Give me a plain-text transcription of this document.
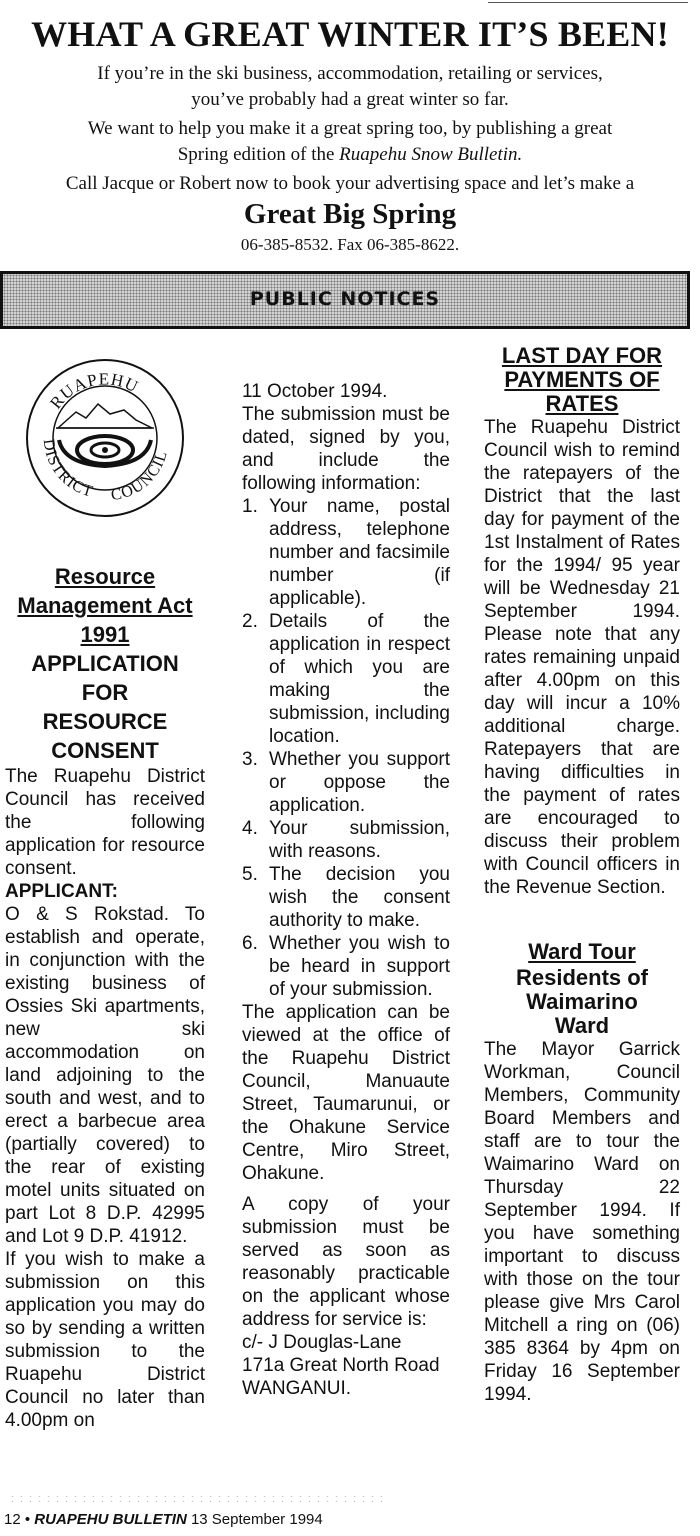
WHAT A GREAT WINTER IT’S BEEN!
If you’re in the ski business, accommodation, retailing or services,
you’ve probably had a great winter so far.
We want to help you make it a great spring too, by publishing a great
Spring edition of the Ruapehu Snow Bulletin.
Call Jacque or Robert now to book your advertising space and let’s make a
Great Big Spring
06-385-8532. Fax 06-385-8622.
PUBLIC NOTICES
RUAPEHU
DISTRICT COUNCIL
Resource
Management Act
1991
APPLICATION
FOR
RESOURCE
CONSENT

The Ruapehu District Council has received the following application for resource consent.

APPLICANT:

O & S Rokstad. To establish and operate, in conjunction with the existing business of Ossies Ski apartments, new ski accommodation on land adjoining to the south and west, and to erect a barbecue area (partially covered) to the rear of existing motel units situated on part Lot 8 D.P. 42995 and Lot 9 D.P. 41912.

If you wish to make a submission on this application you may do so by sending a written submission to the Ruapehu District Council no later than 4.00pm on

11 October 1994.

The submission must be dated, signed by you, and include the following information:

1. Your name, postal address, telephone number and facsimile number (if applicable).
2. Details of the application in respect of which you are making the submission, including location.
3. Whether you support or oppose the application.
4. Your submission, with reasons.
5. The decision you wish the consent authority to make.
6. Whether you wish to be heard in support of your submission.

The application can be viewed at the office of the Ruapehu District Council, Manuaute Street, Taumarunui, or the Ohakune Service Centre, Miro Street, Ohakune.

A copy of your submission must be served as soon as reasonably practicable on the applicant whose address for service is:

c/- J Douglas-Lane
171a Great North Road
WANGANUI.
LAST DAY FOR
PAYMENTS OF
RATES

The Ruapehu District Council wish to remind the ratepayers of the District that the last day for payment of the 1st Instalment of Rates for the 1994/ 95 year will be Wednesday 21 September 1994. Please note that any rates remaining unpaid after 4.00pm on this day will incur a 10% additional charge. Ratepayers that are having difficulties in the payment of rates are encouraged to discuss their problem with Council officers in the Revenue Section.

Ward Tour
Residents of
Waimarino
Ward

The Mayor Garrick Workman, Council Members, Community Board Members and staff are to tour the Waimarino Ward on Thursday 22 September 1994. If you have something important to discuss with those on the tour please give Mrs Carol Mitchell a ring on (06) 385 8364 by 4pm on Friday 16 September 1994.

12 • RUAPEHU BULLETIN 13 September 1994
